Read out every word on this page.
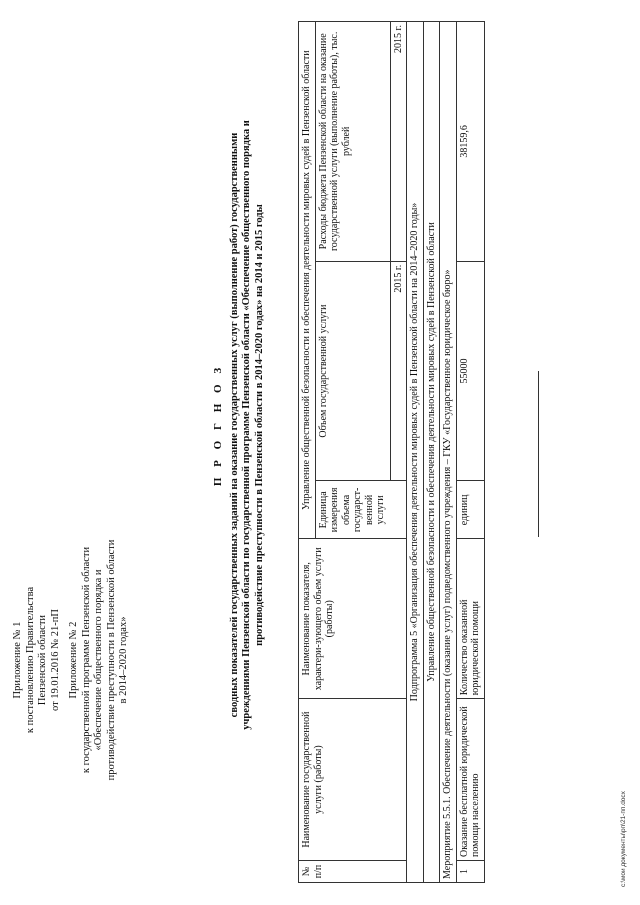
Приложение № 1 к постановлению Правительства Пензенской области от 19.01.2016 № 21-пП Приложение № 2 к государственной программе Пензенской области «Обеспечение общественного порядка и противодействие преступности в Пензенской области в 2014–2020 годах»
П Р О Г Н О З сводных показателей государственных заданий на оказание государственных услуг (выполнение работ) государственными учреждениями Пензенской области по государственной программе Пензенской области «Обеспечение общественного порядка и противодействие преступности в Пензенской области в 2014–2020 годах» на 2014 и 2015 годы
№ п/п	Наименование государственной услуги (работы)	Наименование показателя, характери-зующего объем услуги (работы)	Управление общественной безопасности и обеспечения деятельности мировых судей в Пензенской области		
			Единица измерения объема государст-венной услуги	Объем государственной услуги	Расходы бюджета Пензенской области на оказание государственной услуги (выполнение работы), тыс. рублей
				2015 г.	2015 г.
Подпрограмма 5 «Организация обеспечения деятельности мировых судей в Пензенской области на 2014–2020 годы»					
Управление общественной безопасности и обеспечения деятельности мировых судей в Пензенской области					
Мероприятие 5.5.1. Обеспечение деятельности (оказание услуг) подведомственного учреждения – ГКУ «Государственное юридическое бюро»					
1	Оказание бесплатной юридической помощи населению	Количество оказанной юридической помощи	единиц	55000	38159,6
c:\мои документы\рп\21-пп.docx
